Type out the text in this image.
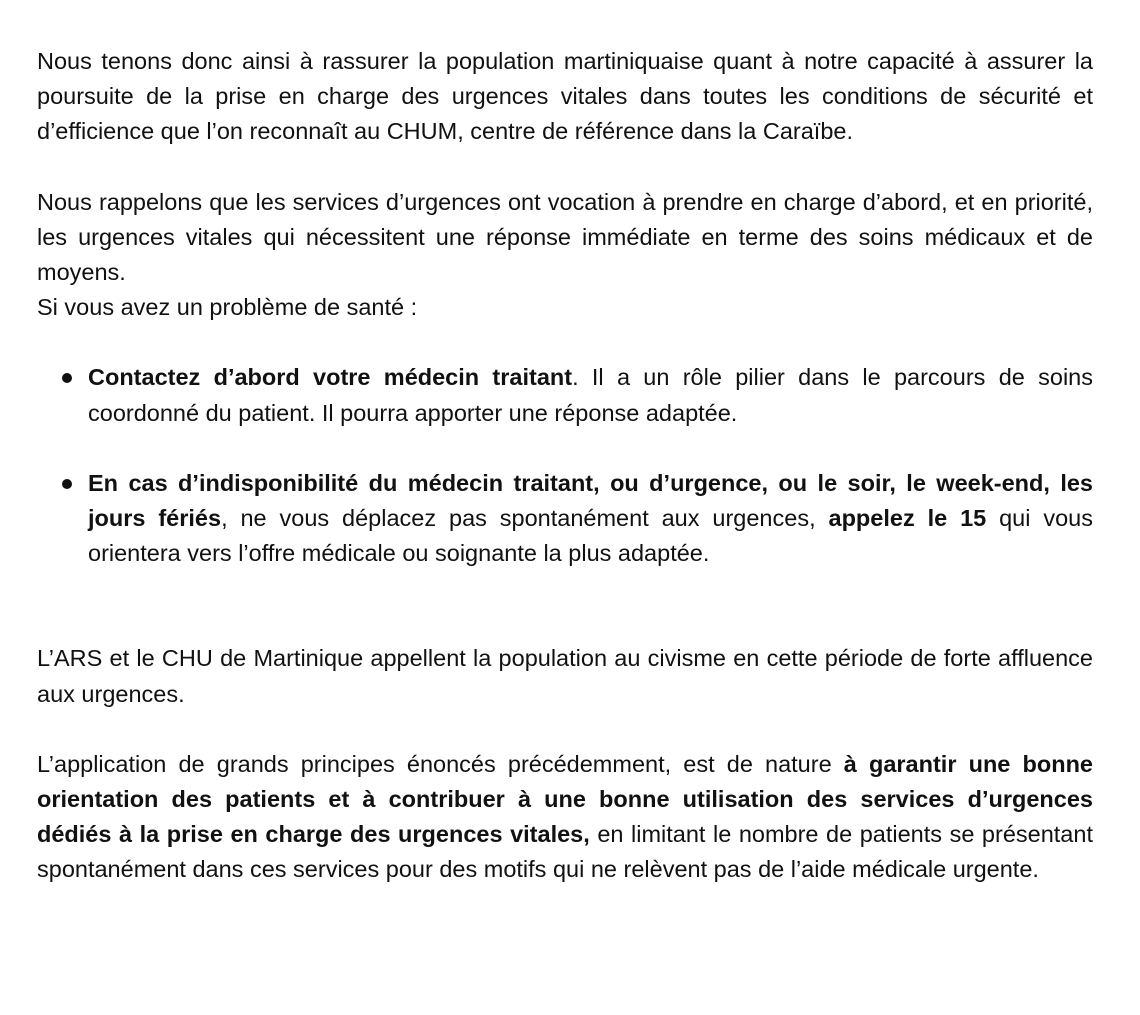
Nous tenons donc ainsi à rassurer la population martiniquaise quant à notre capacité à assurer la poursuite de la prise en charge des urgences vitales dans toutes les conditions de sécurité et d’efficience que l’on reconnaît au CHUM, centre de référence dans la Caraïbe.

Nous rappelons que les services d’urgences ont vocation à prendre en charge d’abord, et en priorité, les urgences vitales qui nécessitent une réponse immédiate en terme des soins médicaux et de moyens.

Si vous avez un problème de santé :

Contactez d’abord votre médecin traitant. Il a un rôle pilier dans le parcours de soins coordonné du patient. Il pourra apporter une réponse adaptée.
En cas d’indisponibilité du médecin traitant, ou d’urgence, ou le soir, le week-end, les jours fériés, ne vous déplacez pas spontanément aux urgences, appelez le 15 qui vous orientera vers l’offre médicale ou soignante la plus adaptée.

L’ARS et le CHU de Martinique appellent la population au civisme en cette période de forte affluence aux urgences.

L’application de grands principes énoncés précédemment, est de nature à garantir une bonne orientation des patients et à contribuer à une bonne utilisation des services d’urgences dédiés à la prise en charge des urgences vitales, en limitant le nombre de patients se présentant spontanément dans ces services pour des motifs qui ne relèvent pas de l’aide médicale urgente.
